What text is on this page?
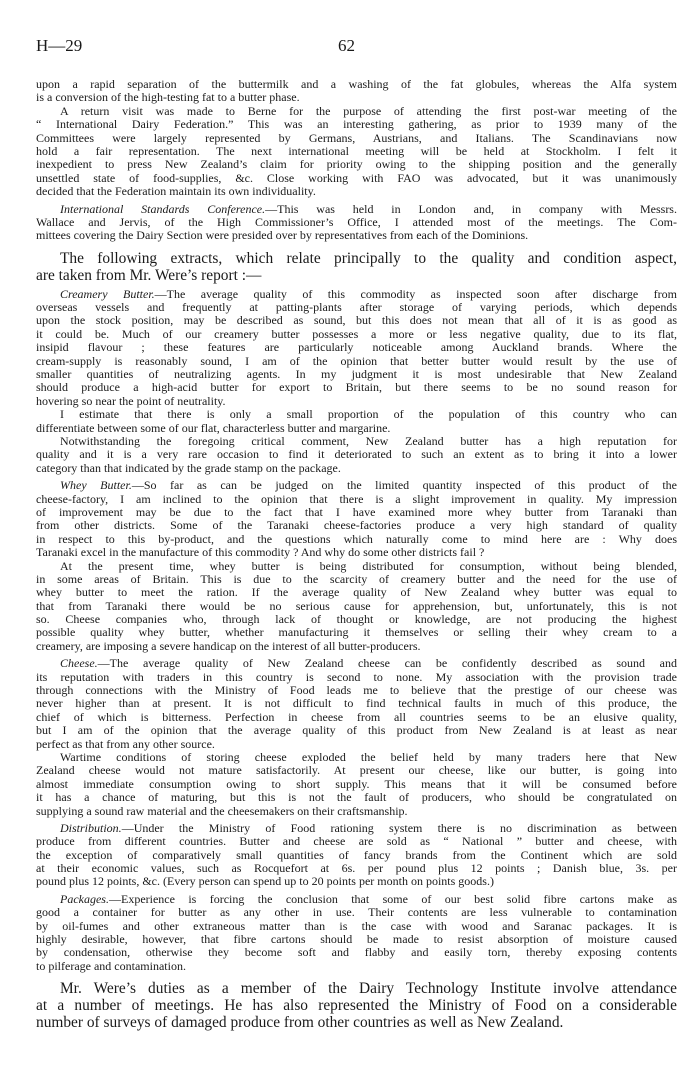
H—29	62
upon a rapid separation of the buttermilk and a washing of the fat globules, whereas the Alfa system
is a conversion of the high-testing fat to a butter phase.
A return visit was made to Berne for the purpose of attending the first post-war meeting of the
“ International Dairy Federation.” This was an interesting gathering, as prior to 1939 many of the
Committees were largely represented by Germans, Austrians, and Italians. The Scandinavians now
hold a fair representation. The next international meeting will be held at Stockholm. I felt it
inexpedient to press New Zealand’s claim for priority owing to the shipping position and the generally
unsettled state of food-supplies, &c. Close working with FAO was advocated, but it was unanimously
decided that the Federation maintain its own individuality.
International Standards Conference.—This was held in London and, in company with Messrs.
Wallace and Jervis, of the High Commissioner’s Office, I attended most of the meetings. The Com-
mittees covering the Dairy Section were presided over by representatives from each of the Dominions.
The following extracts, which relate principally to the quality and condition aspect,
are taken from Mr. Were’s report :—
Creamery Butter.—The average quality of this commodity as inspected soon after discharge from
overseas vessels and frequently at patting-plants after storage of varying periods, which depends
upon the stock position, may be described as sound, but this does not mean that all of it is as good as
it could be. Much of our creamery butter possesses a more or less negative quality, due to its flat,
insipid flavour ; these features are particularly noticeable among Auckland brands. Where the
cream-supply is reasonably sound, I am of the opinion that better butter would result by the use of
smaller quantities of neutralizing agents. In my judgment it is most undesirable that New Zealand
should produce a high-acid butter for export to Britain, but there seems to be no sound reason for
hovering so near the point of neutrality.
I estimate that there is only a small proportion of the population of this country who can
differentiate between some of our flat, characterless butter and margarine.
Notwithstanding the foregoing critical comment, New Zealand butter has a high reputation for
quality and it is a very rare occasion to find it deteriorated to such an extent as to bring it into a lower
category than that indicated by the grade stamp on the package.
Whey Butter.—So far as can be judged on the limited quantity inspected of this product of the
cheese-factory, I am inclined to the opinion that there is a slight improvement in quality. My impression
of improvement may be due to the fact that I have examined more whey butter from Taranaki than
from other districts. Some of the Taranaki cheese-factories produce a very high standard of quality
in respect to this by-product, and the questions which naturally come to mind here are : Why does
Taranaki excel in the manufacture of this commodity ? And why do some other districts fail ?
At the present time, whey butter is being distributed for consumption, without being blended,
in some areas of Britain. This is due to the scarcity of creamery butter and the need for the use of
whey butter to meet the ration. If the average quality of New Zealand whey butter was equal to
that from Taranaki there would be no serious cause for apprehension, but, unfortunately, this is not
so. Cheese companies who, through lack of thought or knowledge, are not producing the highest
possible quality whey butter, whether manufacturing it themselves or selling their whey cream to a
creamery, are imposing a severe handicap on the interest of all butter-producers.
Cheese.—The average quality of New Zealand cheese can be confidently described as sound and
its reputation with traders in this country is second to none. My association with the provision trade
through connections with the Ministry of Food leads me to believe that the prestige of our cheese was
never higher than at present. It is not difficult to find technical faults in much of this produce, the
chief of which is bitterness. Perfection in cheese from all countries seems to be an elusive quality,
but I am of the opinion that the average quality of this product from New Zealand is at least as near
perfect as that from any other source.
Wartime conditions of storing cheese exploded the belief held by many traders here that New
Zealand cheese would not mature satisfactorily. At present our cheese, like our butter, is going into
almost immediate consumption owing to short supply. This means that it will be consumed before
it has a chance of maturing, but this is not the fault of producers, who should be congratulated on
supplying a sound raw material and the cheesemakers on their craftsmanship.
Distribution.—Under the Ministry of Food rationing system there is no discrimination as between
produce from different countries. Butter and cheese are sold as “ National ” butter and cheese, with
the exception of comparatively small quantities of fancy brands from the Continent which are sold
at their economic values, such as Rocquefort at 6s. per pound plus 12 points ; Danish blue, 3s. per
pound plus 12 points, &c. (Every person can spend up to 20 points per month on points goods.)
Packages.—Experience is forcing the conclusion that some of our best solid fibre cartons make as
good a container for butter as any other in use. Their contents are less vulnerable to contamination
by oil-fumes and other extraneous matter than is the case with wood and Saranac packages. It is
highly desirable, however, that fibre cartons should be made to resist absorption of moisture caused
by condensation, otherwise they become soft and flabby and easily torn, thereby exposing contents
to pilferage and contamination.
Mr. Were’s duties as a member of the Dairy Technology Institute involve attendance
at a number of meetings. He has also represented the Ministry of Food on a considerable
number of surveys of damaged produce from other countries as well as New Zealand.
